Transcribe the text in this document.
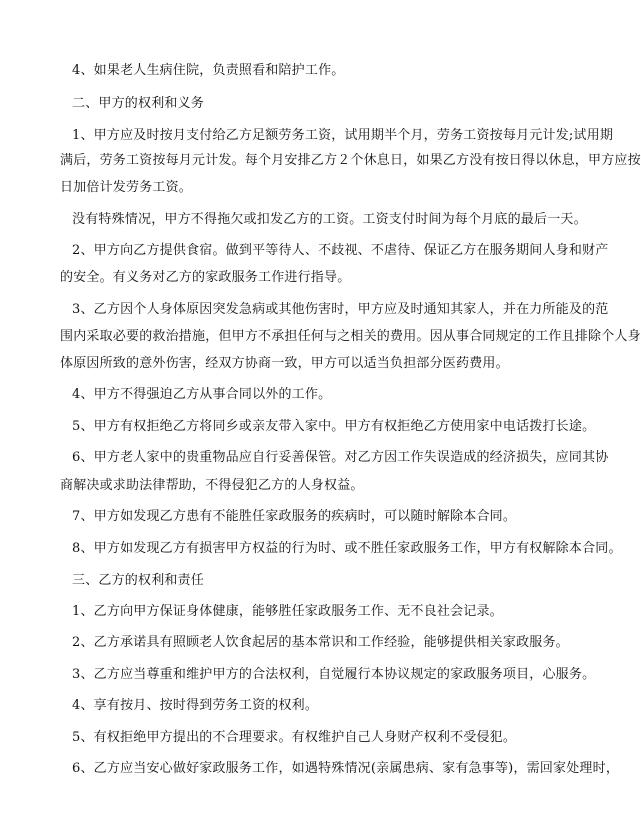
4、如果老人生病住院，负责照看和陪护工作。
二、甲方的权利和义务
1、甲方应及时按月支付给乙方足额劳务工资，试用期半个月，劳务工资按每月元计发;试用期
满后，劳务工资按每月元计发。每个月安排乙方２个休息日，如果乙方没有按日得以休息，甲方应按
日加倍计发劳务工资。
没有特殊情况，甲方不得拖欠或扣发乙方的工资。工资支付时间为每个月底的最后一天。
2、甲方向乙方提供食宿。做到平等待人、不歧视、不虐待、保证乙方在服务期间人身和财产
的安全。有义务对乙方的家政服务工作进行指导。
3、乙方因个人身体原因突发急病或其他伤害时，甲方应及时通知其家人，并在力所能及的范
围内采取必要的救治措施，但甲方不承担任何与之相关的费用。因从事合同规定的工作且排除个人身
体原因所致的意外伤害，经双方协商一致，甲方可以适当负担部分医药费用。
4、甲方不得强迫乙方从事合同以外的工作。
5、甲方有权拒绝乙方将同乡或亲友带入家中。甲方有权拒绝乙方使用家中电话拨打长途。
6、甲方老人家中的贵重物品应自行妥善保管。对乙方因工作失误造成的经济损失，应同其协
商解决或求助法律帮助，不得侵犯乙方的人身权益。
7、甲方如发现乙方患有不能胜任家政服务的疾病时，可以随时解除本合同。
8、甲方如发现乙方有损害甲方权益的行为时、或不胜任家政服务工作，甲方有权解除本合同。
三、乙方的权利和责任
1、乙方向甲方保证身体健康，能够胜任家政服务工作、无不良社会记录。
2、乙方承诺具有照顾老人饮食起居的基本常识和工作经验，能够提供相关家政服务。
3、乙方应当尊重和维护甲方的合法权利，自觉履行本协议规定的家政服务项目，心服务。
4、享有按月、按时得到劳务工资的权利。
5、有权拒绝甲方提出的不合理要求。有权维护自己人身财产权利不受侵犯。
6、乙方应当安心做好家政服务工作，如遇特殊情况(亲属患病、家有急事等)，需回家处理时，
